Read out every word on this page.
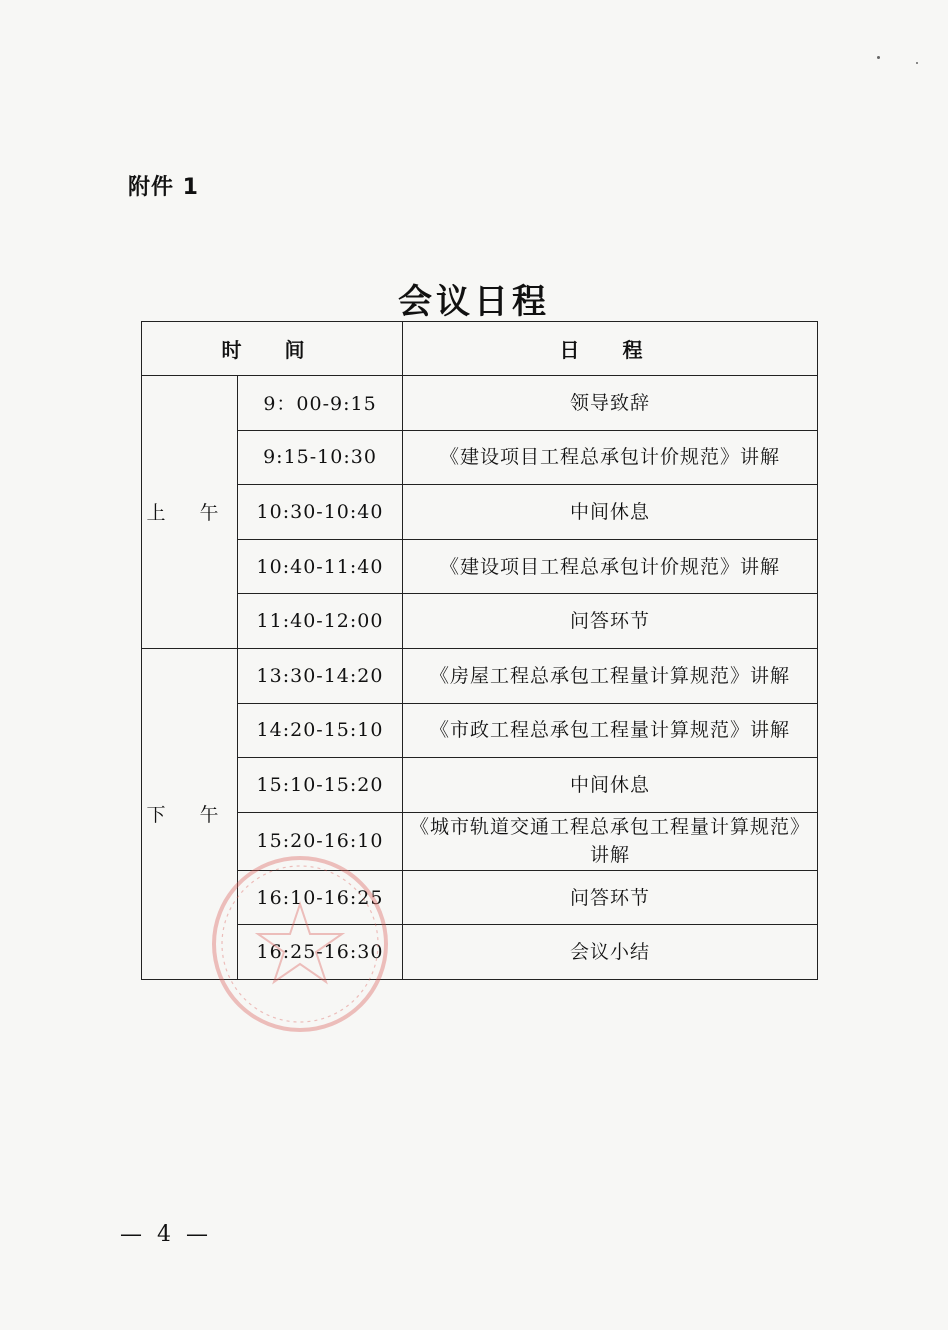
附件 1
会议日程
时 间		日 程
上 午	9：00-9:15	领导致辞
	9:15-10:30	《建设项目工程总承包计价规范》讲解
	10:30-10:40	中间休息
	10:40-11:40	《建设项目工程总承包计价规范》讲解
	11:40-12:00	问答环节
下 午	13:30-14:20	《房屋工程总承包工程量计算规范》讲解
	14:20-15:10	《市政工程总承包工程量计算规范》讲解
	15:10-15:20	中间休息
	15:20-16:10	《城市轨道交通工程总承包工程量计算规范》讲解
	16:10-16:25	问答环节
	16:25-16:30	会议小结
— 4 —
